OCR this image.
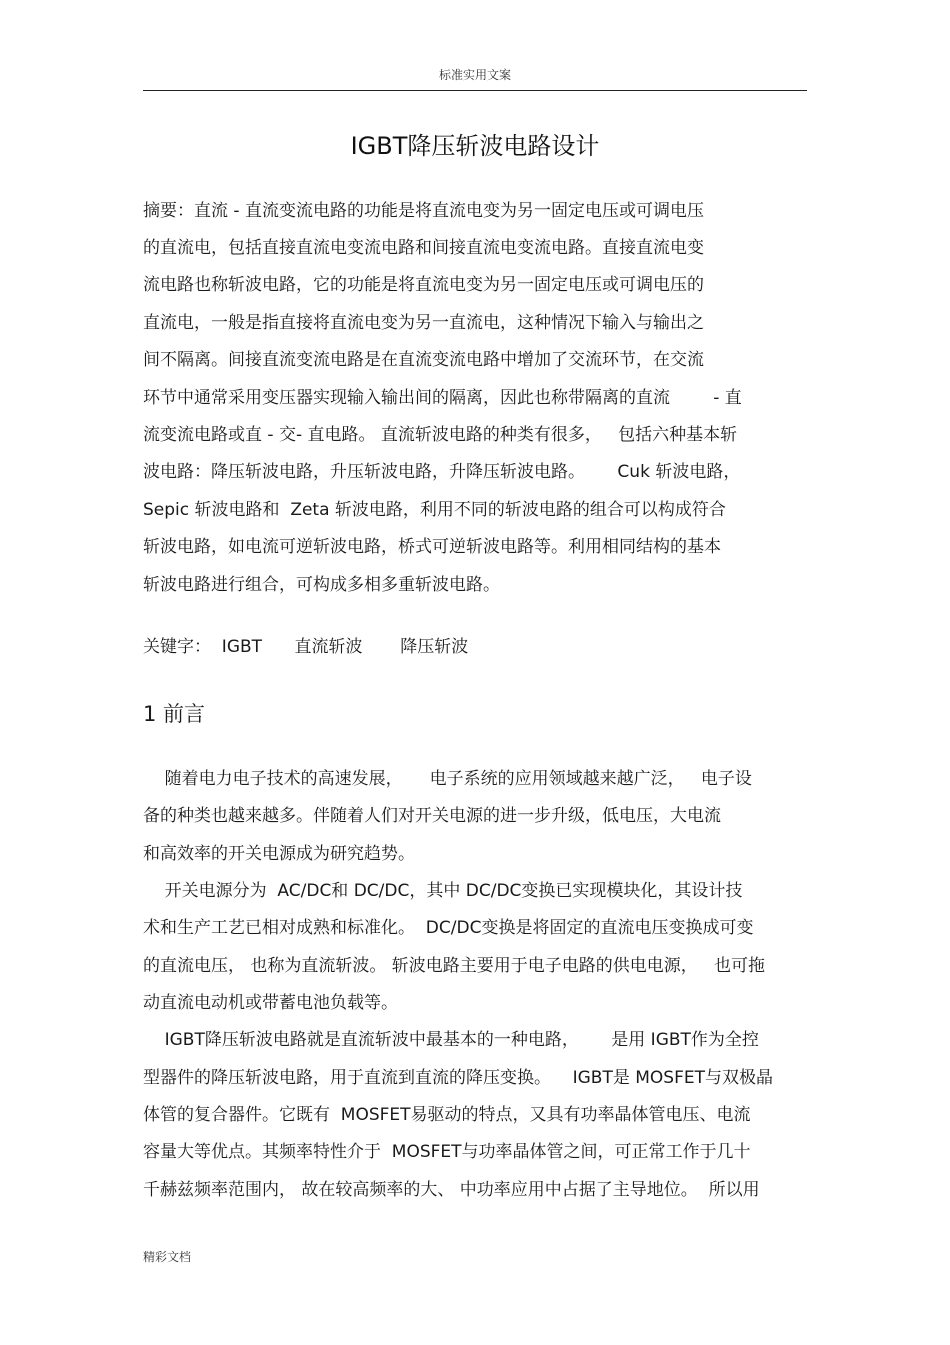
标准实用文案
IGBT降压斩波电路设计
摘要：直流 - 直流变流电路的功能是将直流电变为另一固定电压或可调电压
的直流电，包括直接直流电变流电路和间接直流电变流电路。直接直流电变
流电路也称斩波电路，它的功能是将直流电变为另一固定电压或可调电压的
直流电，一般是指直接将直流电变为另一直流电，这种情况下输入与输出之
间不隔离。间接直流变流电路是在直流变流电路中增加了交流环节，在交流
环节中通常采用变压器实现输入输出间的隔离，因此也称带隔离的直流        - 直
流变流电路或直 - 交- 直电路。 直流斩波电路的种类有很多，   包括六种基本斩
波电路：降压斩波电路，升压斩波电路，升降压斩波电路。      Cuk 斩波电路，
Sepic 斩波电路和  Zeta 斩波电路，利用不同的斩波电路的组合可以构成符合
斩波电路，如电流可逆斩波电路，桥式可逆斩波电路等。利用相同结构的基本
斩波电路进行组合，可构成多相多重斩波电路。
关键字：  IGBT      直流斩波       降压斩波
1 前言
随着电力电子技术的高速发展，     电子系统的应用领域越来越广泛，   电子设
备的种类也越来越多。伴随着人们对开关电源的进一步升级，低电压，大电流
和高效率的开关电源成为研究趋势。
开关电源分为  AC/DC和 DC/DC，其中 DC/DC变换已实现模块化，其设计技
术和生产工艺已相对成熟和标准化。  DC/DC变换是将固定的直流电压变换成可变
的直流电压， 也称为直流斩波。 斩波电路主要用于电子电路的供电电源，   也可拖
动直流电动机或带蓄电池负载等。
IGBT降压斩波电路就是直流斩波中最基本的一种电路，      是用 IGBT作为全控
型器件的降压斩波电路，用于直流到直流的降压变换。    IGBT是 MOSFET与双极晶
体管的复合器件。它既有  MOSFET易驱动的特点，又具有功率晶体管电压、电流
容量大等优点。其频率特性介于  MOSFET与功率晶体管之间，可正常工作于几十
千赫兹频率范围内， 故在较高频率的大、 中功率应用中占据了主导地位。  所以用
精彩文档
